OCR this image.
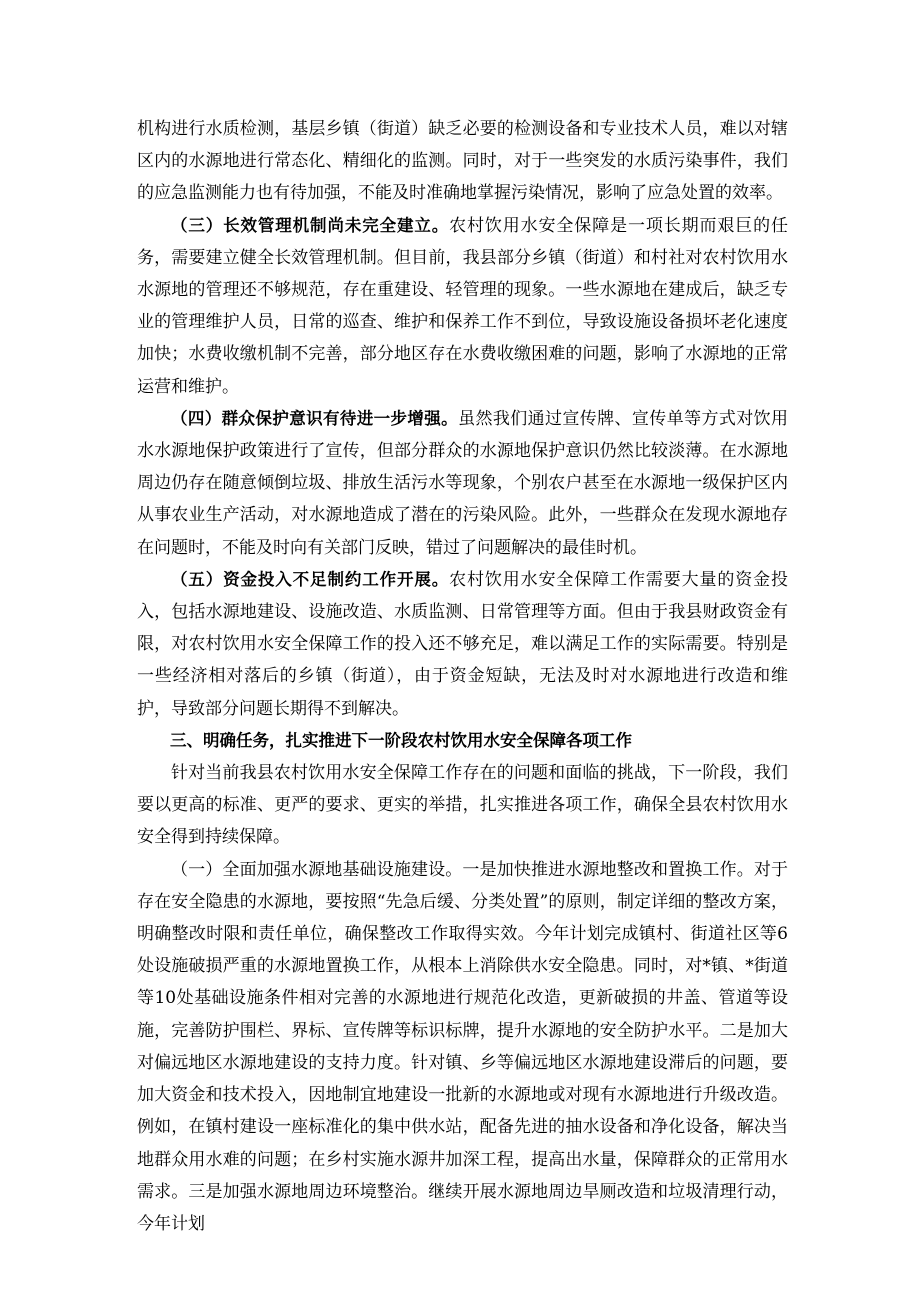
机构进行水质检测，基层乡镇（街道）缺乏必要的检测设备和专业技术人员，难以对辖区内的水源地进行常态化、精细化的监测。同时，对于一些突发的水质污染事件，我们的应急监测能力也有待加强，不能及时准确地掌握污染情况，影响了应急处置的效率。

（三）长效管理机制尚未完全建立。农村饮用水安全保障是一项长期而艰巨的任务，需要建立健全长效管理机制。但目前，我县部分乡镇（街道）和村社对农村饮用水水源地的管理还不够规范，存在重建设、轻管理的现象。一些水源地在建成后，缺乏专业的管理维护人员，日常的巡查、维护和保养工作不到位，导致设施设备损坏老化速度加快；水费收缴机制不完善，部分地区存在水费收缴困难的问题，影响了水源地的正常运营和维护。

（四）群众保护意识有待进一步增强。虽然我们通过宣传牌、宣传单等方式对饮用水水源地保护政策进行了宣传，但部分群众的水源地保护意识仍然比较淡薄。在水源地周边仍存在随意倾倒垃圾、排放生活污水等现象，个别农户甚至在水源地一级保护区内从事农业生产活动，对水源地造成了潜在的污染风险。此外，一些群众在发现水源地存在问题时，不能及时向有关部门反映，错过了问题解决的最佳时机。

（五）资金投入不足制约工作开展。农村饮用水安全保障工作需要大量的资金投入，包括水源地建设、设施改造、水质监测、日常管理等方面。但由于我县财政资金有限，对农村饮用水安全保障工作的投入还不够充足，难以满足工作的实际需要。特别是一些经济相对落后的乡镇（街道），由于资金短缺，无法及时对水源地进行改造和维护，导致部分问题长期得不到解决。

三、明确任务，扎实推进下一阶段农村饮用水安全保障各项工作

针对当前我县农村饮用水安全保障工作存在的问题和面临的挑战，下一阶段，我们要以更高的标准、更严的要求、更实的举措，扎实推进各项工作，确保全县农村饮用水安全得到持续保障。

（一）全面加强水源地基础设施建设。一是加快推进水源地整改和置换工作。对于存在安全隐患的水源地，要按照“先急后缓、分类处置”的原则，制定详细的整改方案，明确整改时限和责任单位，确保整改工作取得实效。今年计划完成镇村、街道社区等6处设施破损严重的水源地置换工作，从根本上消除供水安全隐患。同时，对*镇、*街道等10处基础设施条件相对完善的水源地进行规范化改造，更新破损的井盖、管道等设施，完善防护围栏、界标、宣传牌等标识标牌，提升水源地的安全防护水平。二是加大对偏远地区水源地建设的支持力度。针对镇、乡等偏远地区水源地建设滞后的问题，要加大资金和技术投入，因地制宜地建设一批新的水源地或对现有水源地进行升级改造。例如，在镇村建设一座标准化的集中供水站，配备先进的抽水设备和净化设备，解决当地群众用水难的问题；在乡村实施水源井加深工程，提高出水量，保障群众的正常用水需求。三是加强水源地周边环境整治。继续开展水源地周边旱厕改造和垃圾清理行动，今年计划
